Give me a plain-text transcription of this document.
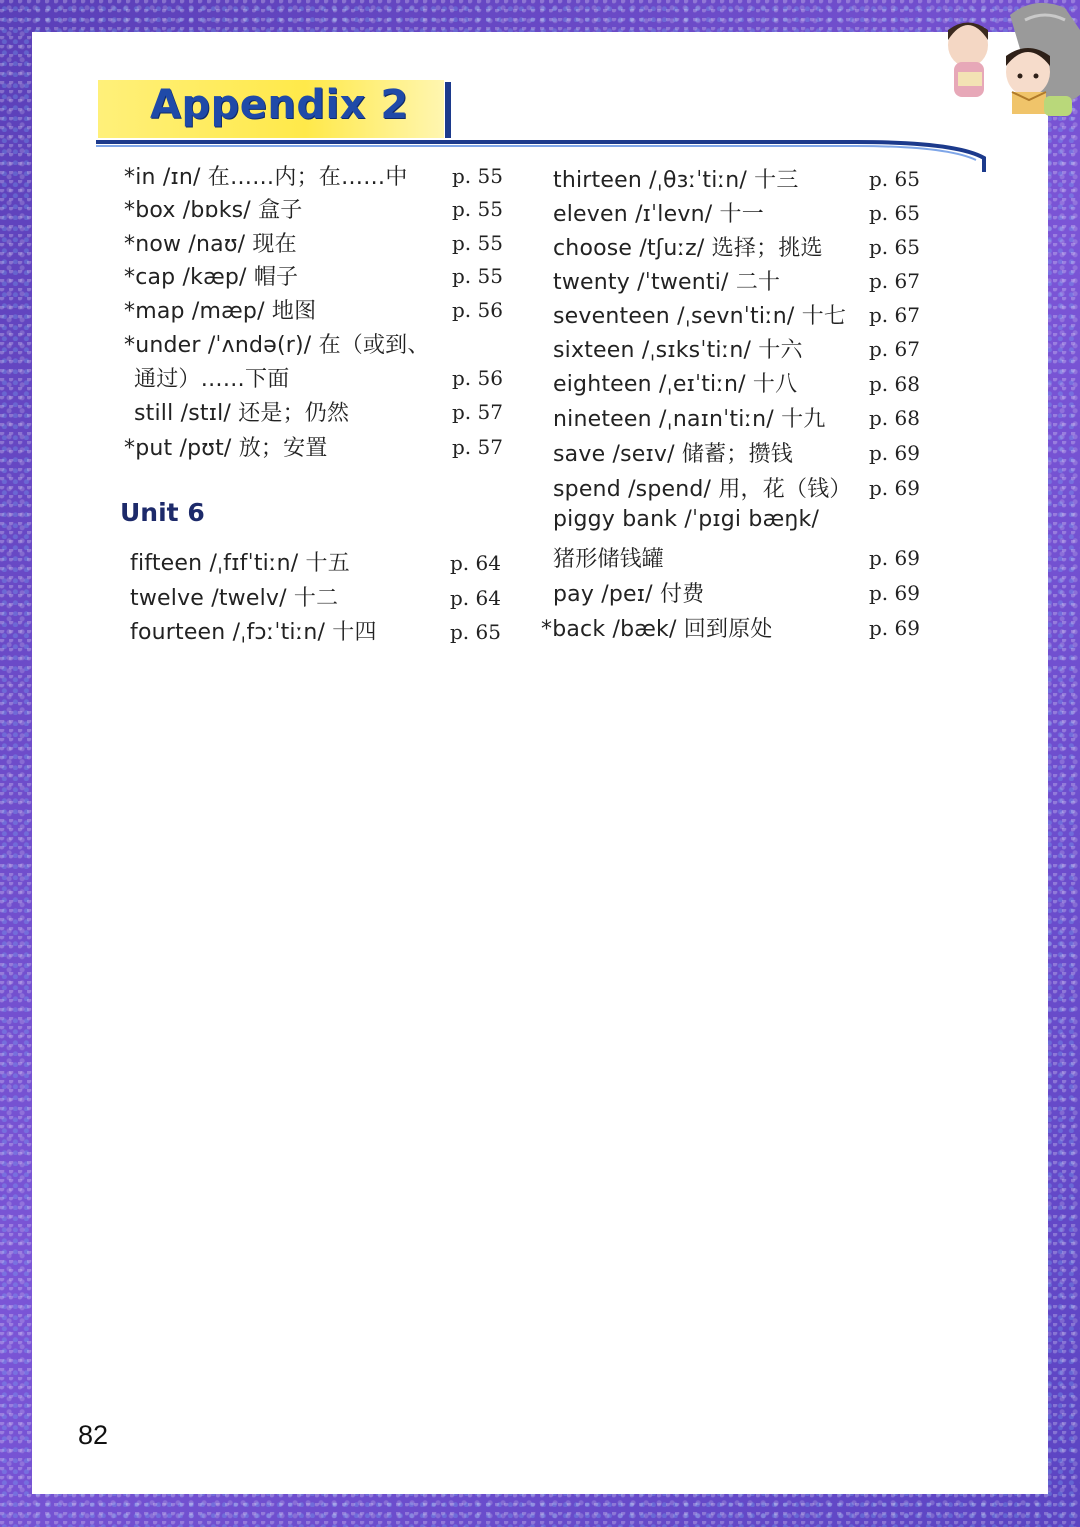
Appendix 2
*in /ɪn/ 在……内；在……中 p. 55
*box /bɒks/ 盒子	p. 55
*now /naʊ/ 现在	p. 55
*cap /kæp/ 帽子	p. 55
*map /mæp/ 地图	p. 56
*under /ˈʌndə(r)/ 在（或到、
通过）……下面	p. 56
still /stɪl/ 还是；仍然	p. 57
*put /pʊt/ 放；安置	p. 57
Unit 6
fifteen /ˌfɪfˈtiːn/ 十五	p. 64
twelve /twelv/ 十二	p. 64
fourteen /ˌfɔːˈtiːn/ 十四	p. 65
thirteen /ˌθɜːˈtiːn/ 十三	p. 65
eleven /ɪˈlevn/ 十一	p. 65
choose /tʃuːz/ 选择；挑选 p. 65
twenty /ˈtwenti/ 二十	p. 67
seventeen /ˌsevnˈtiːn/ 十七 p. 67
sixteen /ˌsɪksˈtiːn/ 十六	p. 67
eighteen /ˌeɪˈtiːn/ 十八	p. 68
nineteen /ˌnaɪnˈtiːn/ 十九 p. 68
save /seɪv/ 储蓄；攒钱	p. 69
spend /spend/ 用，花（钱） p. 69
piggy bank /ˈpɪgi bæŋk/
猪形储钱罐	p. 69
pay /peɪ/ 付费	p. 69
*back /bæk/ 回到原处	p. 69
82
